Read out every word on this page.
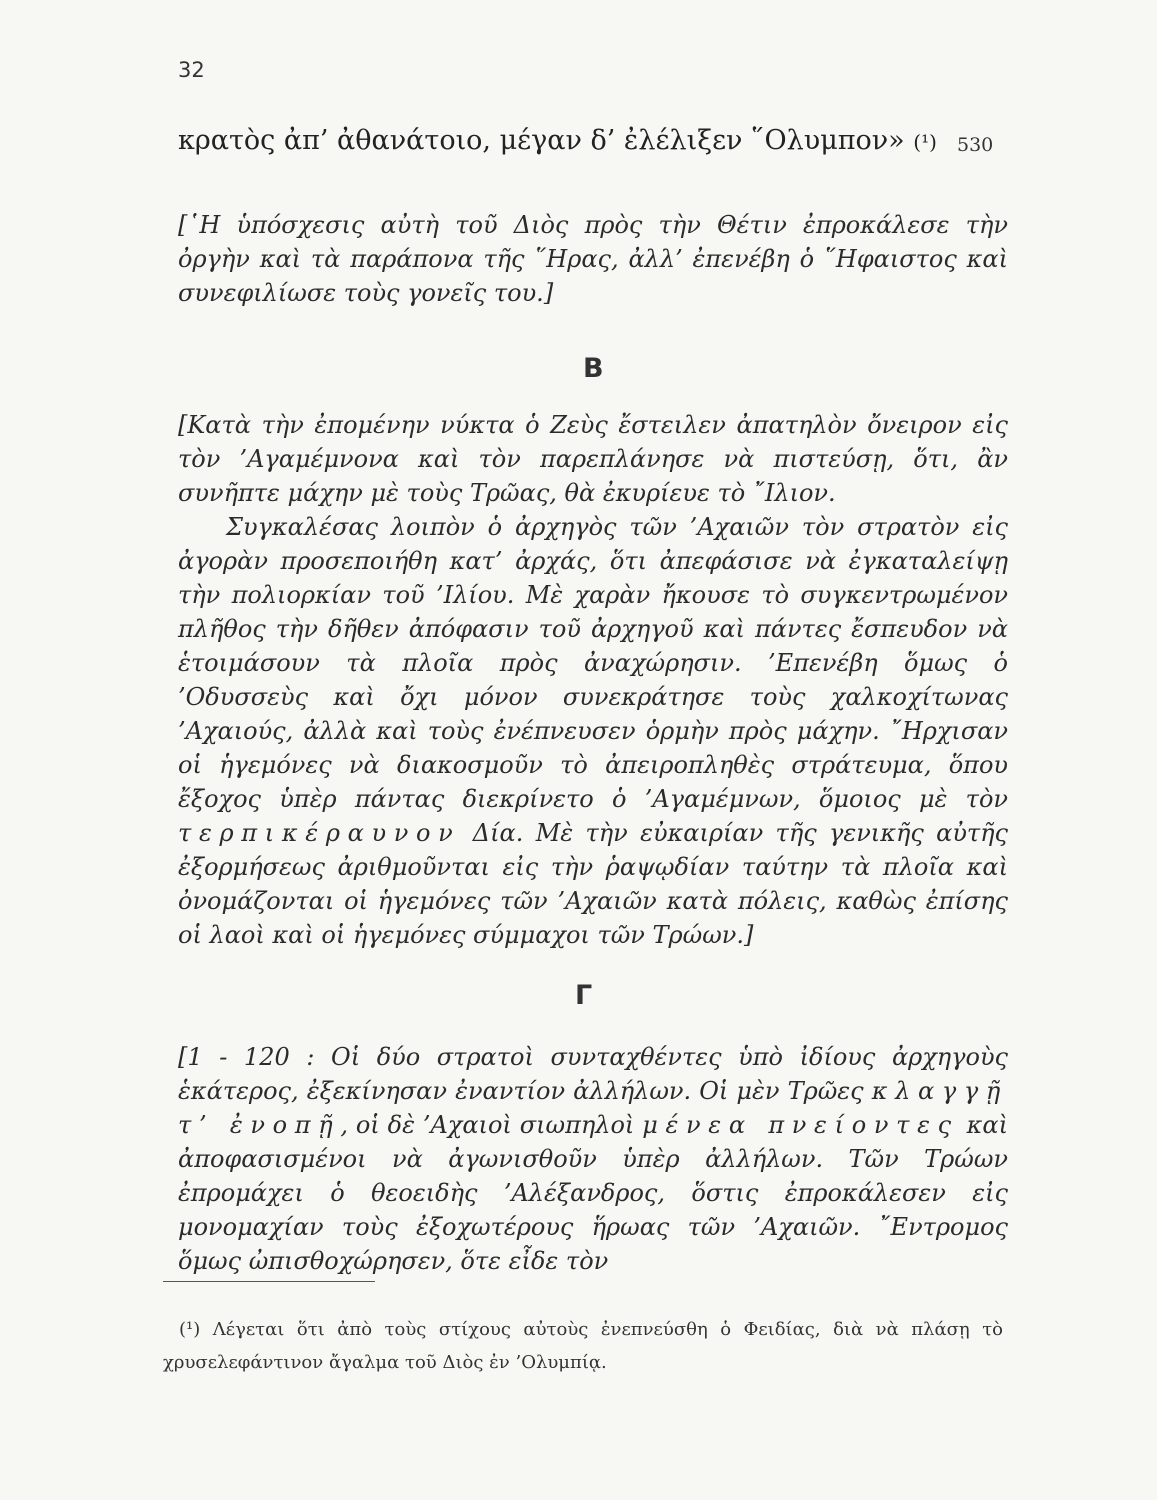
32
κρατὸς ἀπ’ ἀθανάτοιο, μέγαν δ’ ἐλέλιξεν ῞Ολυμπον» (¹) 530

[῾Η ὑπόσχεσις αὐτὴ τοῦ Διὸς πρὸς τὴν Θέτιν ἐπροκάλεσε τὴν ὀργὴν καὶ τὰ παράπονα τῆς ῞Ηρας, ἀλλ’ ἐπενέβη ὁ ῞Ηφαιστος καὶ συνεφιλίωσε τοὺς γονεῖς του.]

B

[Κατὰ τὴν ἐπομένην νύκτα ὁ Ζεὺς ἔστειλεν ἀπατηλὸν ὄνειρον εἰς τὸν ’Αγαμέμνονα καὶ τὸν παρεπλάνησε νὰ πιστεύσῃ, ὅτι, ἂν συνῆπτε μάχην μὲ τοὺς Τρῶας, θὰ ἐκυρίευε τὸ ῎Ιλιον.

Συγκαλέσας λοιπὸν ὁ ἀρχηγὸς τῶν ’Αχαιῶν τὸν στρατὸν εἰς ἀγορὰν προσεποιήθη κατ’ ἀρχάς, ὅτι ἀπεφάσισε νὰ ἐγκαταλείψῃ τὴν πολιορκίαν τοῦ ’Ιλίου. Μὲ χαρὰν ἤκουσε τὸ συγκεντρωμένον πλῆθος τὴν δῆθεν ἀπόφασιν τοῦ ἀρχηγοῦ καὶ πάντες ἔσπευδον νὰ ἑτοιμάσουν τὰ πλοῖα πρὸς ἀναχώρησιν. ’Επενέβη ὅμως ὁ ’Οδυσσεὺς καὶ ὄχι μόνον συνεκράτησε τοὺς χαλκοχίτωνας ’Αχαιούς, ἀλλὰ καὶ τοὺς ἐνέπνευσεν ὁρμὴν πρὸς μάχην. ῎Ηρχισαν οἱ ἡγεμόνες νὰ διακοσμοῦν τὸ ἀπειροπληθὲς στράτευμα, ὅπου ἔξοχος ὑπὲρ πάντας διεκρίνετο ὁ ’Αγαμέμνων, ὅμοιος μὲ τὸν τερπικέραυνον Δία. Μὲ τὴν εὐκαιρίαν τῆς γενικῆς αὐτῆς ἐξορμήσεως ἀριθμοῦνται εἰς τὴν ῥαψῳδίαν ταύτην τὰ πλοῖα καὶ ὀνομάζονται οἱ ἡγεμόνες τῶν ’Αχαιῶν κατὰ πόλεις, καθὼς ἐπίσης οἱ λαοὶ καὶ οἱ ἡγεμόνες σύμμαχοι τῶν Τρώων.]

Γ

[1 - 120 : Οἱ δύο στρατοὶ συνταχθέντες ὑπὸ ἰδίους ἀρχηγοὺς ἑκάτερος, ἐξεκίνησαν ἐναντίον ἀλλήλων. Οἱ μὲν Τρῶες κλαγγῇ τ’ ἐνοπῇ, οἱ δὲ ’Αχαιοὶ σιωπηλοὶ μένεα πνείοντες καὶ ἀποφασισμένοι νὰ ἀγωνισθοῦν ὑπὲρ ἀλλήλων. Τῶν Τρώων ἐπρομάχει ὁ θεοειδὴς ’Αλέξανδρος, ὅστις ἐπροκάλεσεν εἰς μονομαχίαν τοὺς ἐξοχωτέρους ἥρωας τῶν ’Αχαιῶν. ῎Εντρομος ὅμως ὠπισθοχώρησεν, ὅτε εἶδε τὸν

(¹) Λέγεται ὅτι ἀπὸ τοὺς στίχους αὐτοὺς ἐνεπνεύσθη ὁ Φειδίας, διὰ νὰ πλάσῃ τὸ χρυσελεφάντινον ἄγαλμα τοῦ Διὸς ἐν ’Ολυμπίᾳ.
